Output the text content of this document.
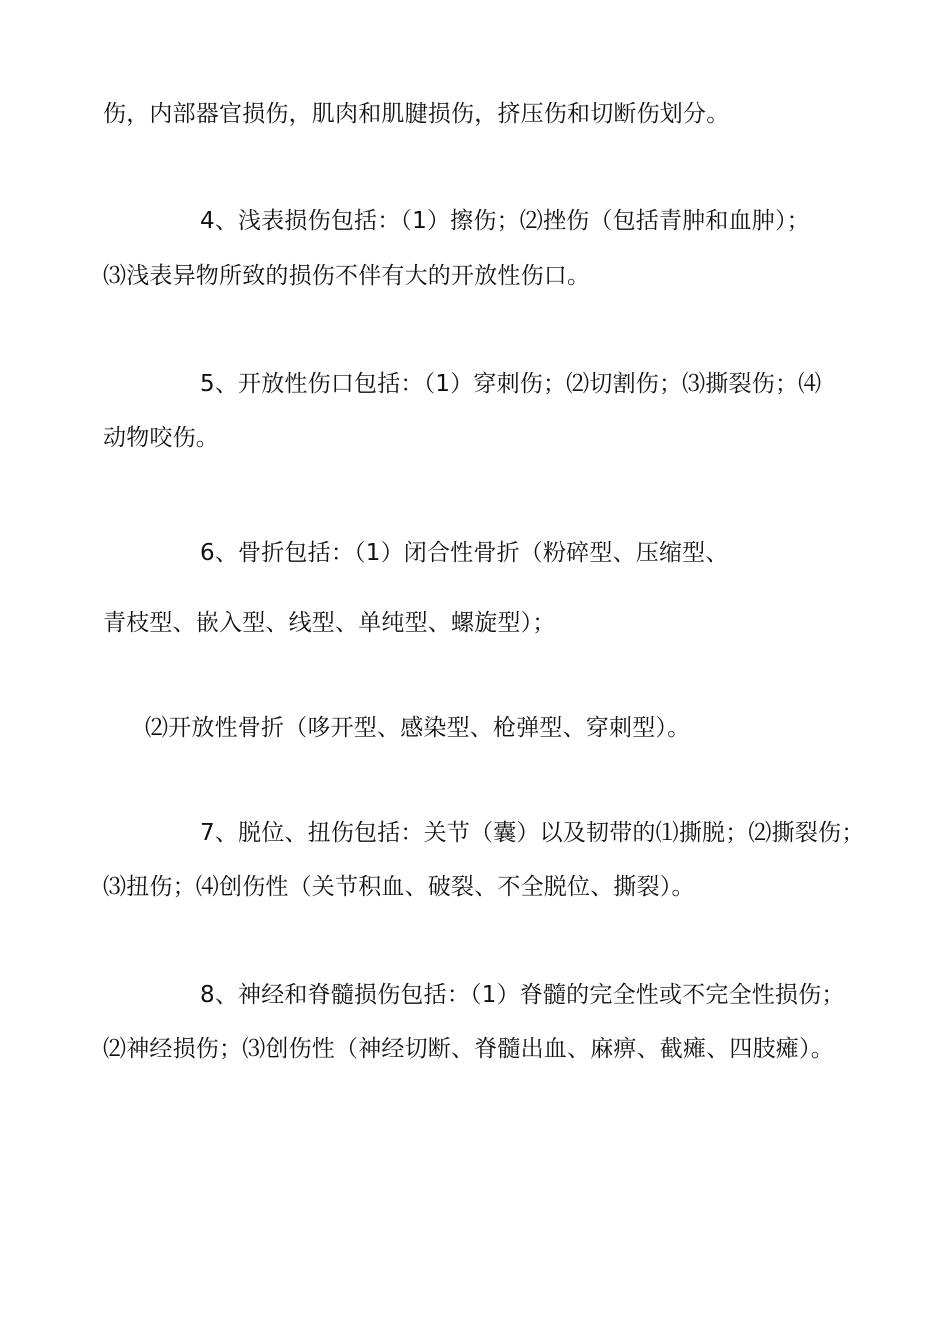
伤，内部器官损伤，肌肉和肌腱损伤，挤压伤和切断伤划分。
4、浅表损伤包括：（1）擦伤；⑵挫伤（包括青肿和血肿）；
⑶浅表异物所致的损伤不伴有大的开放性伤口。
5、开放性伤口包括：（1）穿刺伤；⑵切割伤；⑶撕裂伤；⑷
动物咬伤。
6、骨折包括：（1）闭合性骨折（粉碎型、压缩型、
青枝型、嵌入型、线型、单纯型、螺旋型）；
⑵开放性骨折（哆开型、感染型、枪弹型、穿刺型）。
7、脱位、扭伤包括：关节（囊）以及韧带的⑴撕脱；⑵撕裂伤；
⑶扭伤；⑷创伤性（关节积血、破裂、不全脱位、撕裂）。
8、神经和脊髓损伤包括：（1）脊髓的完全性或不完全性损伤；
⑵神经损伤；⑶创伤性（神经切断、脊髓出血、麻痹、截瘫、四肢瘫）。
